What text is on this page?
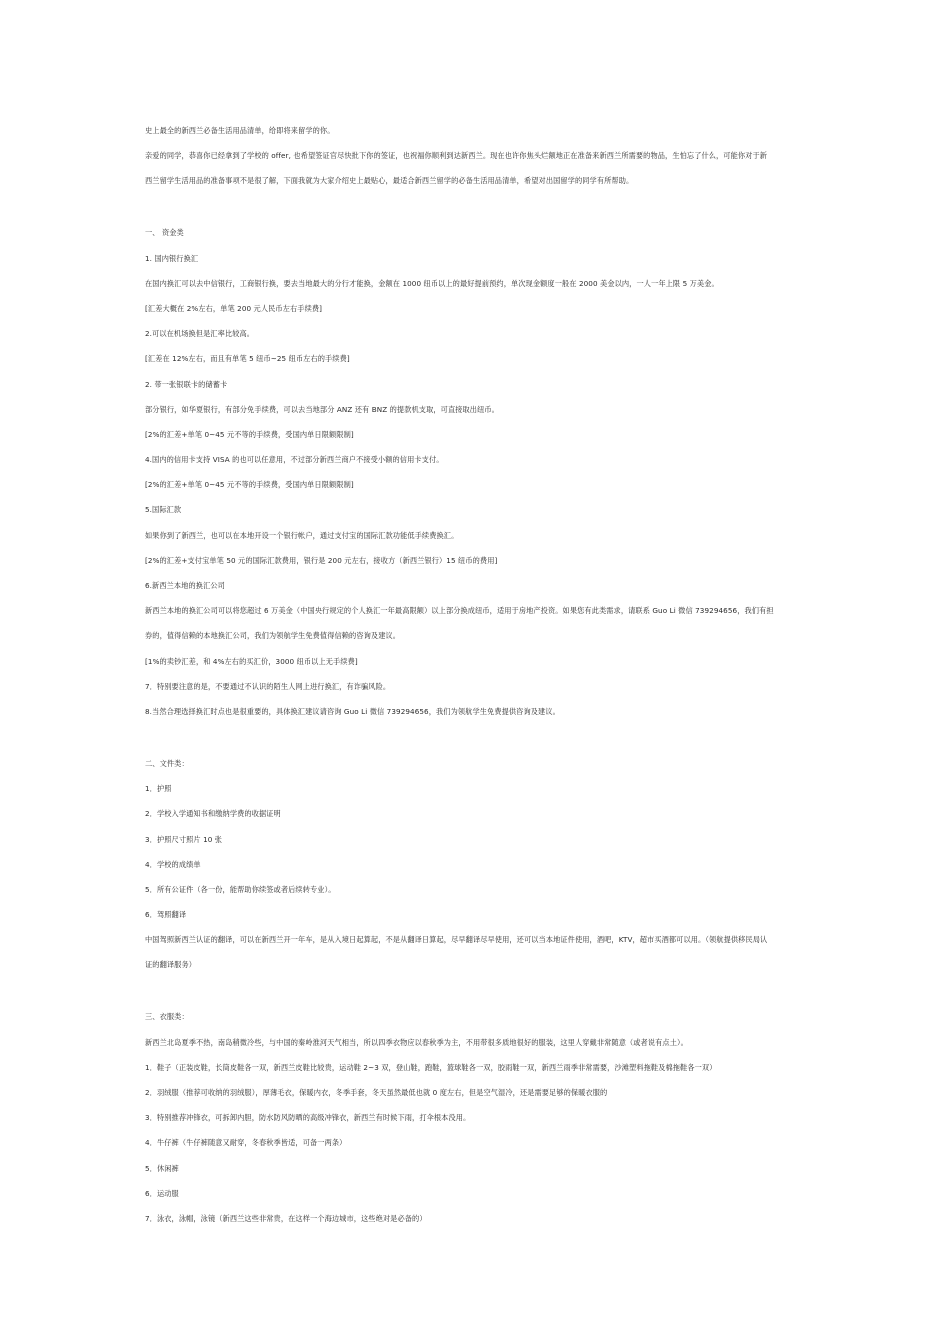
史上最全的新西兰必备生活用品清单，给即将来留学的你。
亲爱的同学，恭喜你已经拿到了学校的 offer, 也希望签证官尽快批下你的签证，也祝福你顺利到达新西兰。现在也许你焦头烂额地正在准备来新西兰所需要的物品，生怕忘了什么，可能你对于新
西兰留学生活用品的准备事项不是很了解，下面我就为大家介绍史上最贴心，最适合新西兰留学的必备生活用品清单，希望对出国留学的同学有所帮助。
一、 资金类
1. 国内银行换汇
在国内换汇可以去中信银行，工商银行换，要去当地最大的分行才能换，金额在 1000 纽币以上的最好提前预约，单次现金额度一般在 2000 美金以内，一人一年上限 5 万美金。
[汇差大概在 2%左右，单笔 200 元人民币左右手续费]
2.可以在机场换但是汇率比较高。
[汇差在 12%左右，而且有单笔 5 纽币~25 纽币左右的手续费]
2. 带一张银联卡的储蓄卡
部分银行，如华夏银行，有部分免手续费，可以去当地部分 ANZ 还有 BNZ 的提款机支取，可直接取出纽币。
[2%的汇差+单笔 0~45 元不等的手续费，受国内单日限额限制]
4.国内的信用卡支持 VISA 的也可以任意用，不过部分新西兰商户不接受小额的信用卡支付。
[2%的汇差+单笔 0~45 元不等的手续费，受国内单日限额限制]
5.国际汇款
如果你到了新西兰，也可以在本地开设一个银行帐户，通过支付宝的国际汇款功能低手续费换汇。
[2%的汇差+支付宝单笔 50 元的国际汇款费用，银行是 200 元左右，接收方（新西兰银行）15 纽币的费用]
6.新西兰本地的换汇公司
新西兰本地的换汇公司可以将您超过 6 万美金（中国央行规定的个人换汇一年最高限额）以上部分换成纽币，适用于房地产投资。如果您有此类需求，请联系 Guo Li 微信 739294656，我们有担
券的，值得信赖的本地换汇公司，我们为领航学生免费值得信赖的咨询及建议。
[1%的卖钞汇差，和 4%左右的买汇价，3000 纽币以上无手续费]
7．特别要注意的是，不要通过不认识的陌生人网上进行换汇，有诈骗风险。
8.当然合理选择换汇时点也是很重要的，具体换汇建议请咨询 Guo Li 微信 739294656，我们为领航学生免费提供咨询及建议。
二、文件类：
1．护照
2．学校入学通知书和缴纳学费的收据证明
3．护照尺寸照片 10 张
4．学校的成绩单
5．所有公证件（各一份，能帮助你续签或者后续转专业）。
6．驾照翻译
中国驾照新西兰认证的翻译，可以在新西兰开一年车，是从入境日起算起，不是从翻译日算起，尽早翻译尽早使用，还可以当本地证件使用，酒吧，KTV，超市买酒都可以用。（领航提供移民局认
证的翻译服务）
三、衣服类：
新西兰北岛夏季不热，南岛稍微冷些，与中国的秦岭淮河天气相当，所以四季衣物应以春秋季为主，不用带很多质地很好的服装，这里人穿戴非常随意（或者说有点土）。
1．鞋子（正装皮鞋，长筒皮鞋各一双，新西兰皮鞋比较贵，运动鞋 2~3 双，登山鞋，跑鞋，篮球鞋各一双，胶雨鞋一双，新西兰雨季非常需要，沙滩塑料拖鞋及棉拖鞋各一双）
2．羽绒服（推荐可收纳的羽绒服），厚薄毛衣，保暖内衣，冬季手套，冬天虽然最低也就 0 度左右，但是空气湿冷，还是需要足够的保暖衣服的
3．特别推荐冲锋衣，可拆卸内胆，防水防风防晒的高级冲锋衣，新西兰有时候下雨，打伞根本没用。
4．牛仔裤（牛仔裤随意又耐穿，冬春秋季皆适，可备一两条）
5．休闲裤
6．运动服
7．泳衣，泳帽，泳镜（新西兰这些非常贵，在这样一个海边城市，这些绝对是必备的）
